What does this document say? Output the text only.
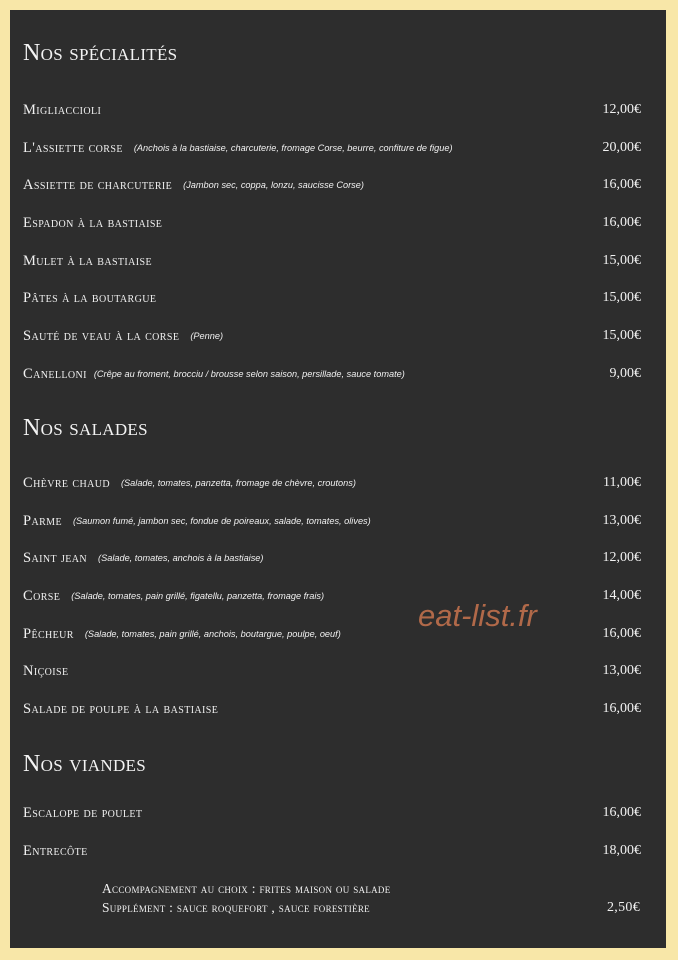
Nos spécialités
Migliaccioli	12,00€
L'assiette corse (Anchois à la bastiaise, charcuterie, fromage Corse, beurre, confiture de figue)	20,00€
Assiette de charcuterie (Jambon sec, coppa, lonzu, saucisse Corse)	16,00€
Espadon à la bastiaise	16,00€
Mulet à la bastiaise	15,00€
Pâtes à la boutargue	15,00€
Sauté de veau à la corse (Penne)	15,00€
Canelloni (Crêpe au froment, brocciu / brousse selon saison, persillade, sauce tomate)	9,00€
Nos salades
Chèvre chaud (Salade, tomates, panzetta, fromage de chèvre, croutons)	11,00€
Parme (Saumon fumé, jambon sec, fondue de poireaux, salade, tomates, olives)	13,00€
Saint jean (Salade, tomates, anchois à la bastiaise)	12,00€
Corse (Salade, tomates, pain grillé, figatellu, panzetta, fromage frais)	14,00€
Pêcheur (Salade, tomates, pain grillé, anchois, boutargue, poulpe, oeuf)	16,00€
Niçoise	13,00€
Salade de poulpe à la bastiaise	16,00€
Nos viandes
Escalope de poulet	16,00€
Entrecôte	18,00€
Accompagnement au choix : frites maison ou salade
Supplément : sauce roquefort , sauce forestière	2,50€
eat-list.fr
